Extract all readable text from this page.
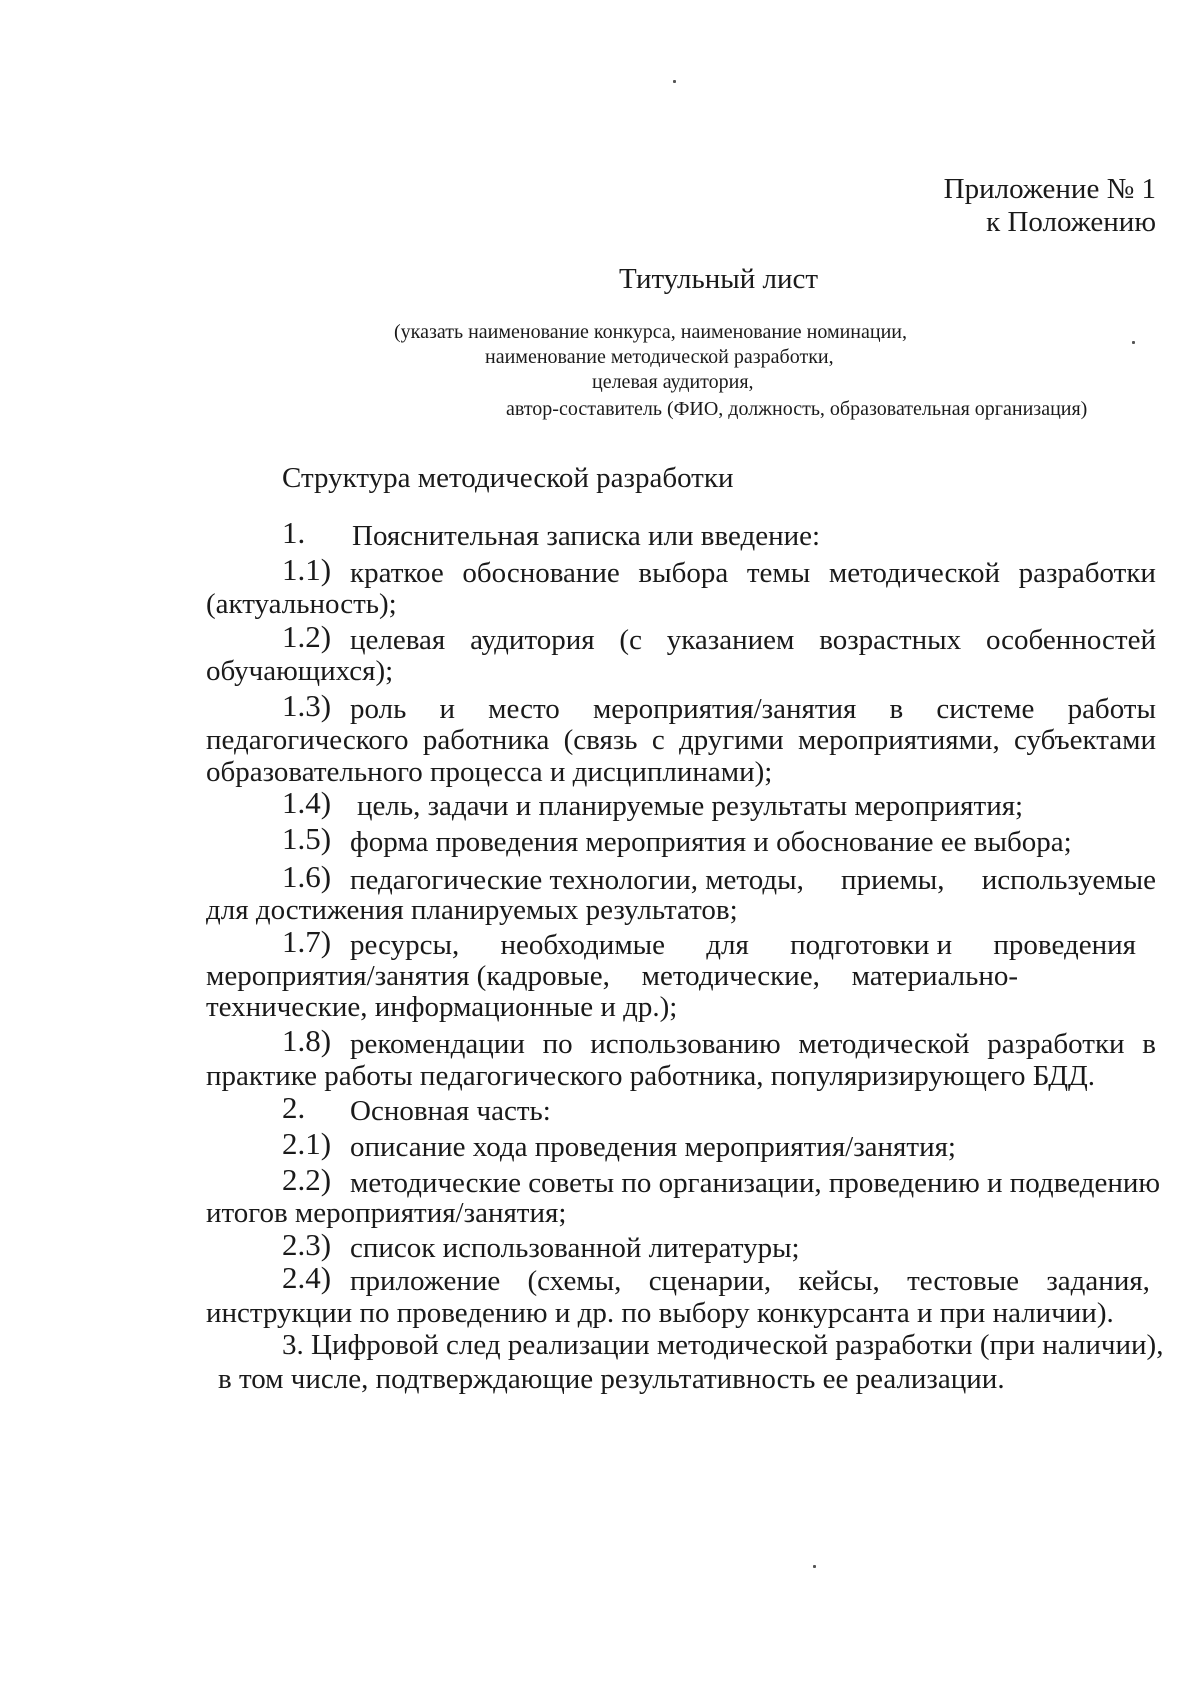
Приложение № 1
к Положению
Титульный лист
(указать наименование конкурса, наименование номинации,
наименование методической разработки,
целевая аудитория,
автор-составитель (ФИО, должность, образовательная организация)
Структура методической разработки
1. Пояснительная записка или введение:
1.1) краткое обоснование выбора темы методической разработки
(актуальность);
1.2) целевая аудитория (с указанием возрастных особенностей
обучающихся);
1.3) роль и место мероприятия/занятия в системе работы
педагогического работника (связь с другими мероприятиями, субъектами
образовательного процесса и дисциплинами);
1.4) цель, задачи и планируемые результаты мероприятия;
1.5) форма проведения мероприятия и обоснование ее выбора;
1.6) педагогические технологии, методы, приемы, используемые
для достижения планируемых результатов;
1.7) ресурсы, необходимые для подготовки и проведения
мероприятия/занятия (кадровые, методические, материально-
технические, информационные и др.);
1.8) рекомендации по использованию методической разработки в
практике работы педагогического работника, популяризирующего БДД.
2. Основная часть:
2.1) описание хода проведения мероприятия/занятия;
2.2) методические советы по организации, проведению и подведению
итогов мероприятия/занятия;
2.3) список использованной литературы;
2.4) приложение (схемы, сценарии, кейсы, тестовые задания,
инструкции по проведению и др. по выбору конкурсанта и при наличии).
3. Цифровой след реализации методической разработки (при наличии),
в том числе, подтверждающие результативность ее реализации.
